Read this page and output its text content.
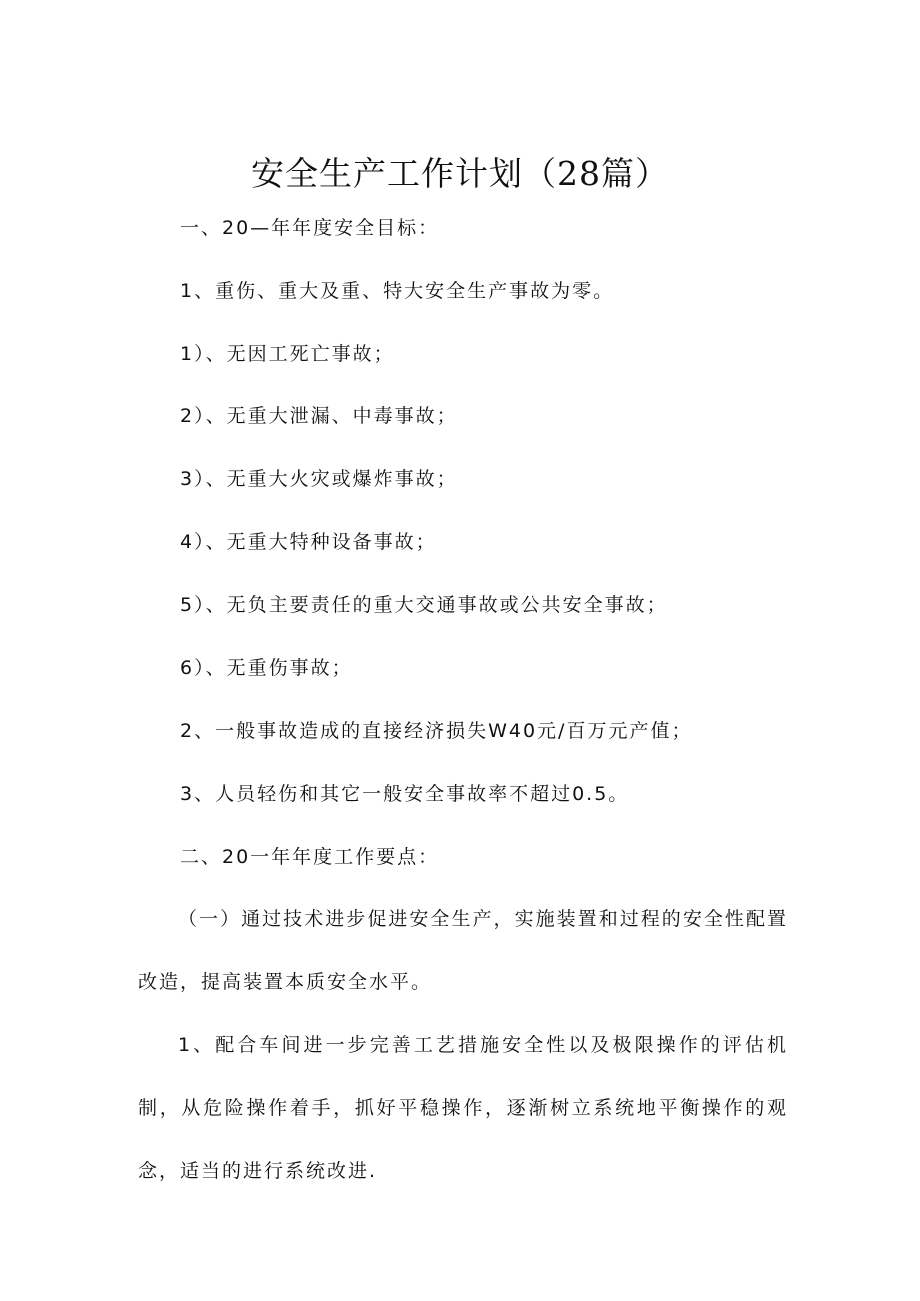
安全生产工作计划（28篇）

一、20—年年度安全目标：

1、重伤、重大及重、特大安全生产事故为零。

1）、无因工死亡事故；

2）、无重大泄漏、中毒事故；

3）、无重大火灾或爆炸事故；

4）、无重大特种设备事故；

5）、无负主要责任的重大交通事故或公共安全事故；

6）、无重伤事故；

2、一般事故造成的直接经济损失W40元/百万元产值；

3、人员轻伤和其它一般安全事故率不超过0.5。

二、20一年年度工作要点：

（一）通过技术进步促进安全生产，实施装置和过程的安全性配置改造，提高装置本质安全水平。

1、配合车间进一步完善工艺措施安全性以及极限操作的评估机制，从危险操作着手，抓好平稳操作，逐渐树立系统地平衡操作的观念，适当的进行系统改进.
